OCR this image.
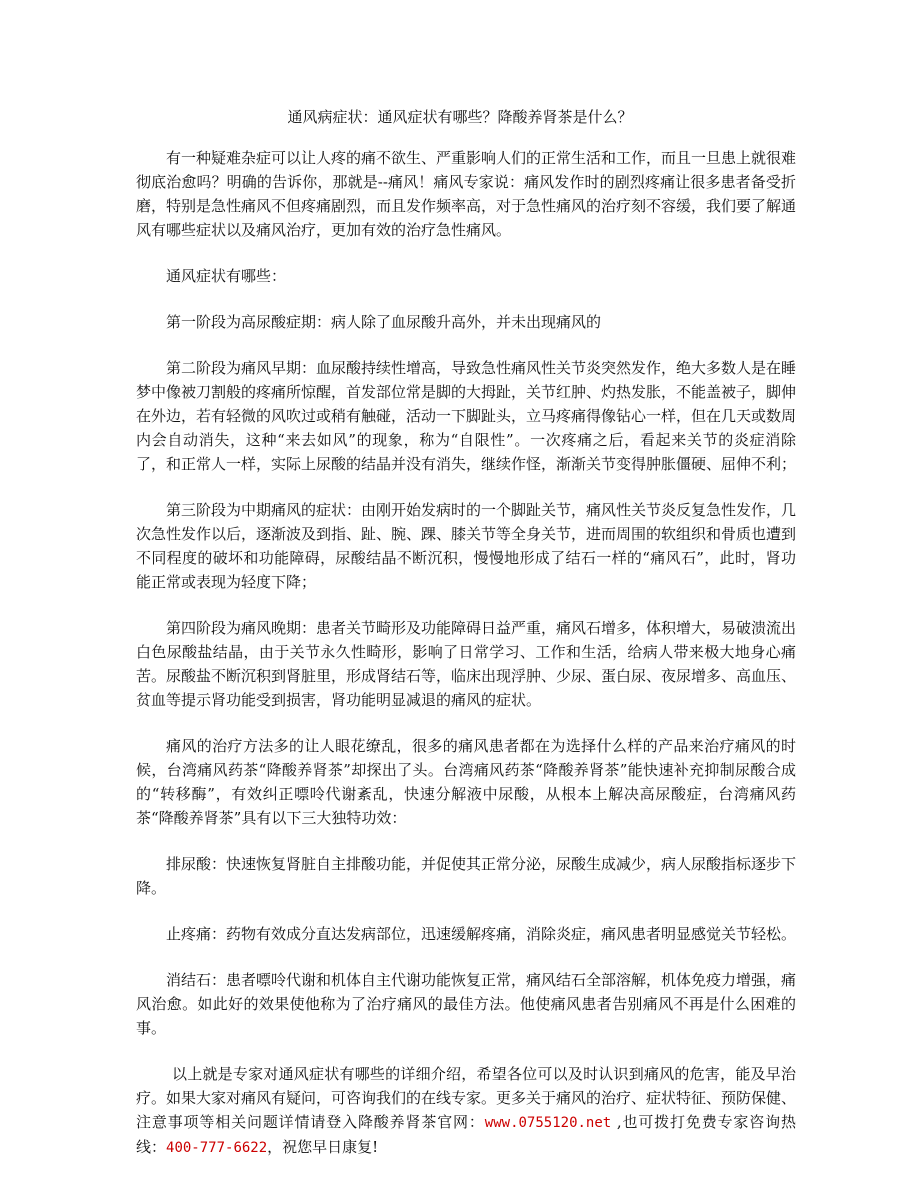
通风病症状：通风症状有哪些？降酸养肾茶是什么？

有一种疑难杂症可以让人疼的痛不欲生、严重影响人们的正常生活和工作，而且一旦患上就很难彻底治愈吗？明确的告诉你，那就是--痛风！痛风专家说：痛风发作时的剧烈疼痛让很多患者备受折磨，特别是急性痛风不但疼痛剧烈，而且发作频率高，对于急性痛风的治疗刻不容缓，我们要了解通风有哪些症状以及痛风治疗，更加有效的治疗急性痛风。

通风症状有哪些：

第一阶段为高尿酸症期：病人除了血尿酸升高外，并未出现痛风的

第二阶段为痛风早期：血尿酸持续性增高，导致急性痛风性关节炎突然发作，绝大多数人是在睡梦中像被刀割般的疼痛所惊醒，首发部位常是脚的大拇趾，关节红肿、灼热发胀，不能盖被子，脚伸在外边，若有轻微的风吹过或稍有触碰，活动一下脚趾头，立马疼痛得像钻心一样，但在几天或数周内会自动消失，这种“来去如风”的现象，称为“自限性”。一次疼痛之后，看起来关节的炎症消除了，和正常人一样，实际上尿酸的结晶并没有消失，继续作怪，渐渐关节变得肿胀僵硬、屈伸不利；

第三阶段为中期痛风的症状：由刚开始发病时的一个脚趾关节，痛风性关节炎反复急性发作，几次急性发作以后，逐渐波及到指、趾、腕、踝、膝关节等全身关节，进而周围的软组织和骨质也遭到不同程度的破坏和功能障碍，尿酸结晶不断沉积，慢慢地形成了结石一样的“痛风石”，此时，肾功能正常或表现为轻度下降；

第四阶段为痛风晚期：患者关节畸形及功能障碍日益严重，痛风石增多，体积增大，易破溃流出白色尿酸盐结晶，由于关节永久性畸形，影响了日常学习、工作和生活，给病人带来极大地身心痛苦。尿酸盐不断沉积到肾脏里，形成肾结石等，临床出现浮肿、少尿、蛋白尿、夜尿增多、高血压、贫血等提示肾功能受到损害，肾功能明显减退的痛风的症状。

痛风的治疗方法多的让人眼花缭乱，很多的痛风患者都在为选择什么样的产品来治疗痛风的时候，台湾痛风药茶“降酸养肾茶”却探出了头。台湾痛风药茶“降酸养肾茶”能快速补充抑制尿酸合成的“转移酶”，有效纠正嘌呤代谢紊乱，快速分解液中尿酸，从根本上解决高尿酸症，台湾痛风药茶“降酸养肾茶”具有以下三大独特功效：

排尿酸：快速恢复肾脏自主排酸功能，并促使其正常分泌，尿酸生成减少，病人尿酸指标逐步下降。

止疼痛：药物有效成分直达发病部位，迅速缓解疼痛，消除炎症，痛风患者明显感觉关节轻松。

消结石：患者嘌呤代谢和机体自主代谢功能恢复正常，痛风结石全部溶解，机体免疫力增强，痛风治愈。如此好的效果使他称为了治疗痛风的最佳方法。他使痛风患者告别痛风不再是什么困难的事。

以上就是专家对通风症状有哪些的详细介绍，希望各位可以及时认识到痛风的危害，能及早治疗。如果大家对痛风有疑问，可咨询我们的在线专家。更多关于痛风的治疗、症状特征、预防保健、注意事项等相关问题详情请登入降酸养肾茶官网：www.0755120.net ,也可拨打免费专家咨询热线：400-777-6622，祝您早日康复!
